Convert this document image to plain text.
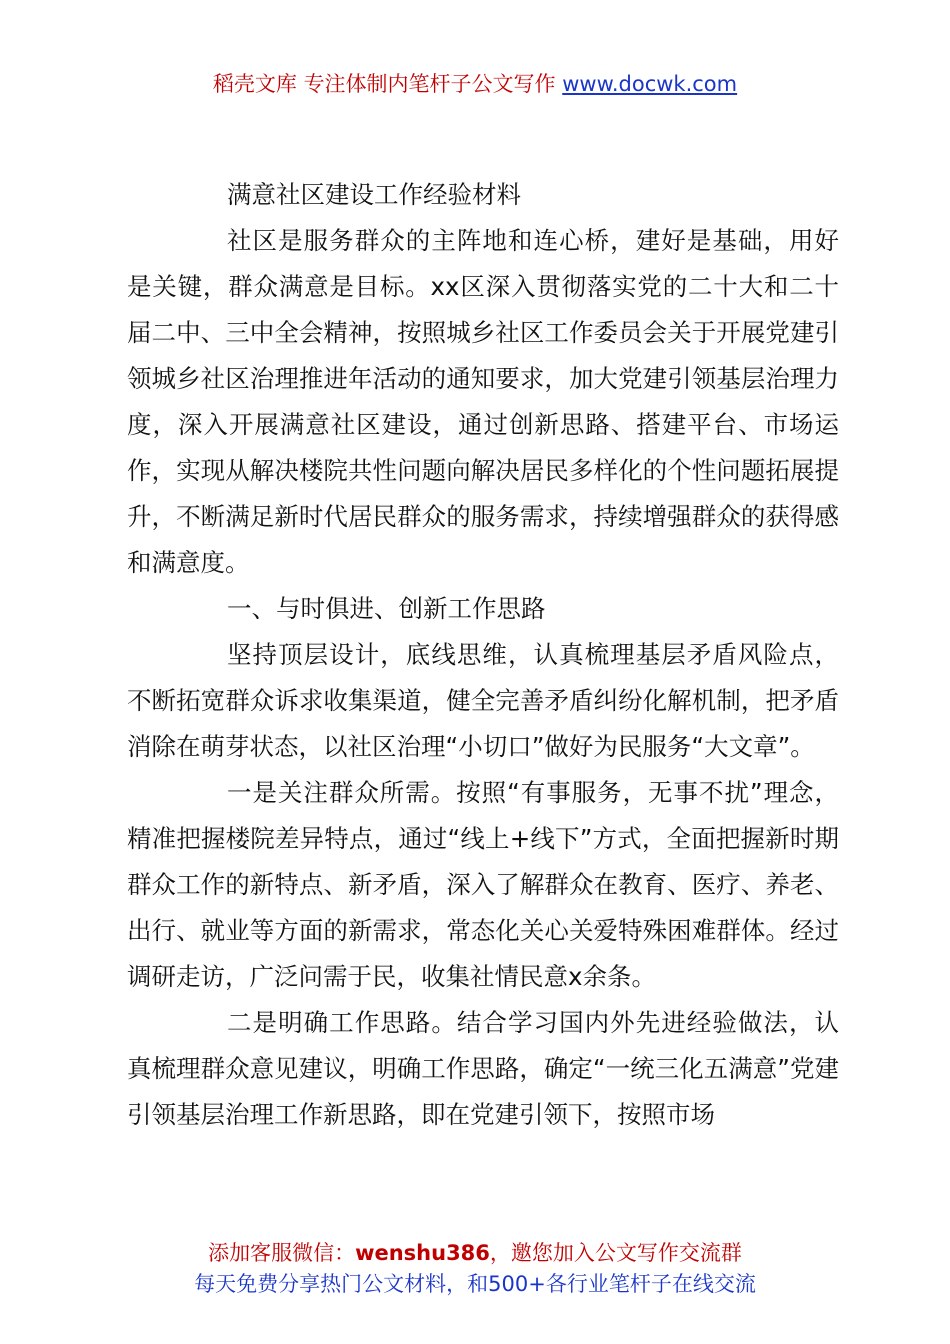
稻壳文库 专注体制内笔杆子公文写作 www.docwk.com

满意社区建设工作经验材料

社区是服务群众的主阵地和连心桥，建好是基础，用好是关键，群众满意是目标。xx区深入贯彻落实党的二十大和二十届二中、三中全会精神，按照城乡社区工作委员会关于开展党建引领城乡社区治理推进年活动的通知要求，加大党建引领基层治理力度，深入开展满意社区建设，通过创新思路、搭建平台、市场运作，实现从解决楼院共性问题向解决居民多样化的个性问题拓展提升，不断满足新时代居民群众的服务需求，持续增强群众的获得感和满意度。

一、与时俱进、创新工作思路

坚持顶层设计，底线思维，认真梳理基层矛盾风险点，不断拓宽群众诉求收集渠道，健全完善矛盾纠纷化解机制，把矛盾消除在萌芽状态，以社区治理“小切口”做好为民服务“大文章”。

一是关注群众所需。按照“有事服务，无事不扰”理念，精准把握楼院差异特点，通过“线上+线下”方式，全面把握新时期群众工作的新特点、新矛盾，深入了解群众在教育、医疗、养老、出行、就业等方面的新需求，常态化关心关爱特殊困难群体。经过调研走访，广泛问需于民，收集社情民意x余条。

二是明确工作思路。结合学习国内外先进经验做法，认真梳理群众意见建议，明确工作思路，确定“一统三化五满意”党建引领基层治理工作新思路，即在党建引领下，按照市场

添加客服微信：wenshu386，邀您加入公文写作交流群
每天免费分享热门公文材料，和500+各行业笔杆子在线交流
